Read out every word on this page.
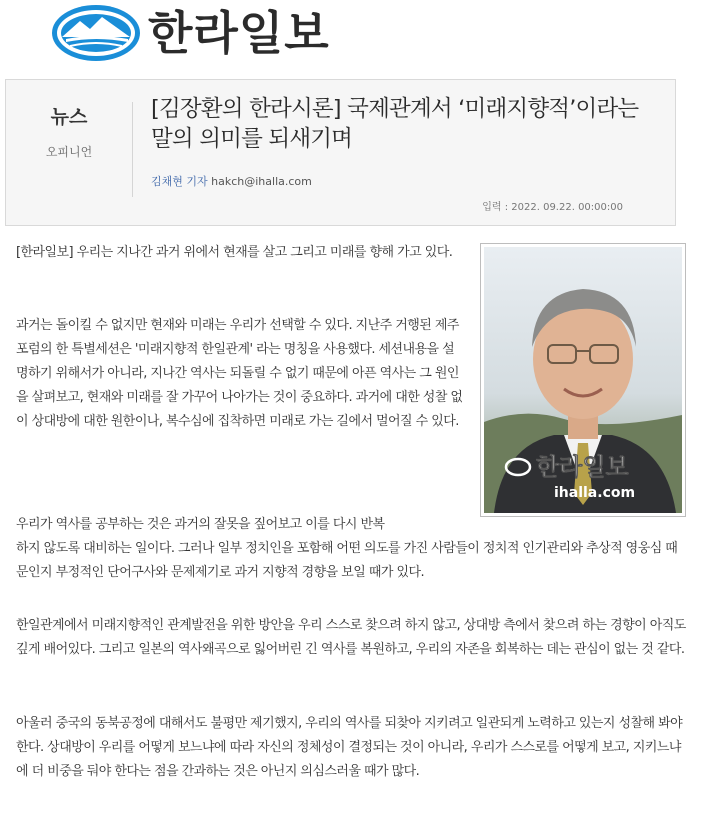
한라일보
뉴스
오피니언
[김장환의 한라시론] 국제관계서 ‘미래지향적’이라는 말의 의미를 되새기며
김채현 기자 hakch@ihalla.com
입력 : 2022. 09.22. 00:00:00
한라일보
ihalla.com

[한라일보] 우리는 지나간 과거 위에서 현재를 살고 그리고 미래를 향해 가고 있다.

과거는 돌이킬 수 없지만 현재와 미래는 우리가 선택할 수 있다. 지난주 거행된 제주포럼의 한 특별세션은 '미래지향적 한일관계' 라는 명칭을 사용했다. 세션내용을 설명하기 위해서가 아니라, 지나간 역사는 되돌릴 수 없기 때문에 아픈 역사는 그 원인을 살펴보고, 현재와 미래를 잘 가꾸어 나아가는 것이 중요하다. 과거에 대한 성찰 없이 상대방에 대한 원한이나, 복수심에 집착하면 미래로 가는 길에서 멀어질 수 있다.

우리가 역사를 공부하는 것은 과거의 잘못을 짚어보고 이를 다시 반복
하지 않도록 대비하는 일이다. 그러나 일부 정치인을 포함해 어떤 의도를 가진 사람들이 정치적 인기관리와 추상적 영웅심 때문인지 부정적인 단어구사와 문제제기로 과거 지향적 경향을 보일 때가 있다.

한일관계에서 미래지향적인 관계발전을 위한 방안을 우리 스스로 찾으려 하지 않고, 상대방 측에서 찾으려 하는 경향이 아직도 깊게 배어있다. 그리고 일본의 역사왜곡으로 잃어버린 긴 역사를 복원하고, 우리의 자존을 회복하는 데는 관심이 없는 것 같다.

아울러 중국의 동북공정에 대해서도 불평만 제기했지, 우리의 역사를 되찾아 지키려고 일관되게 노력하고 있는지 성찰해 봐야 한다. 상대방이 우리를 어떻게 보느냐에 따라 자신의 정체성이 결정되는 것이 아니라, 우리가 스스로를 어떻게 보고, 지키느냐에 더 비중을 둬야 한다는 점을 간과하는 것은 아닌지 의심스러울 때가 많다.
